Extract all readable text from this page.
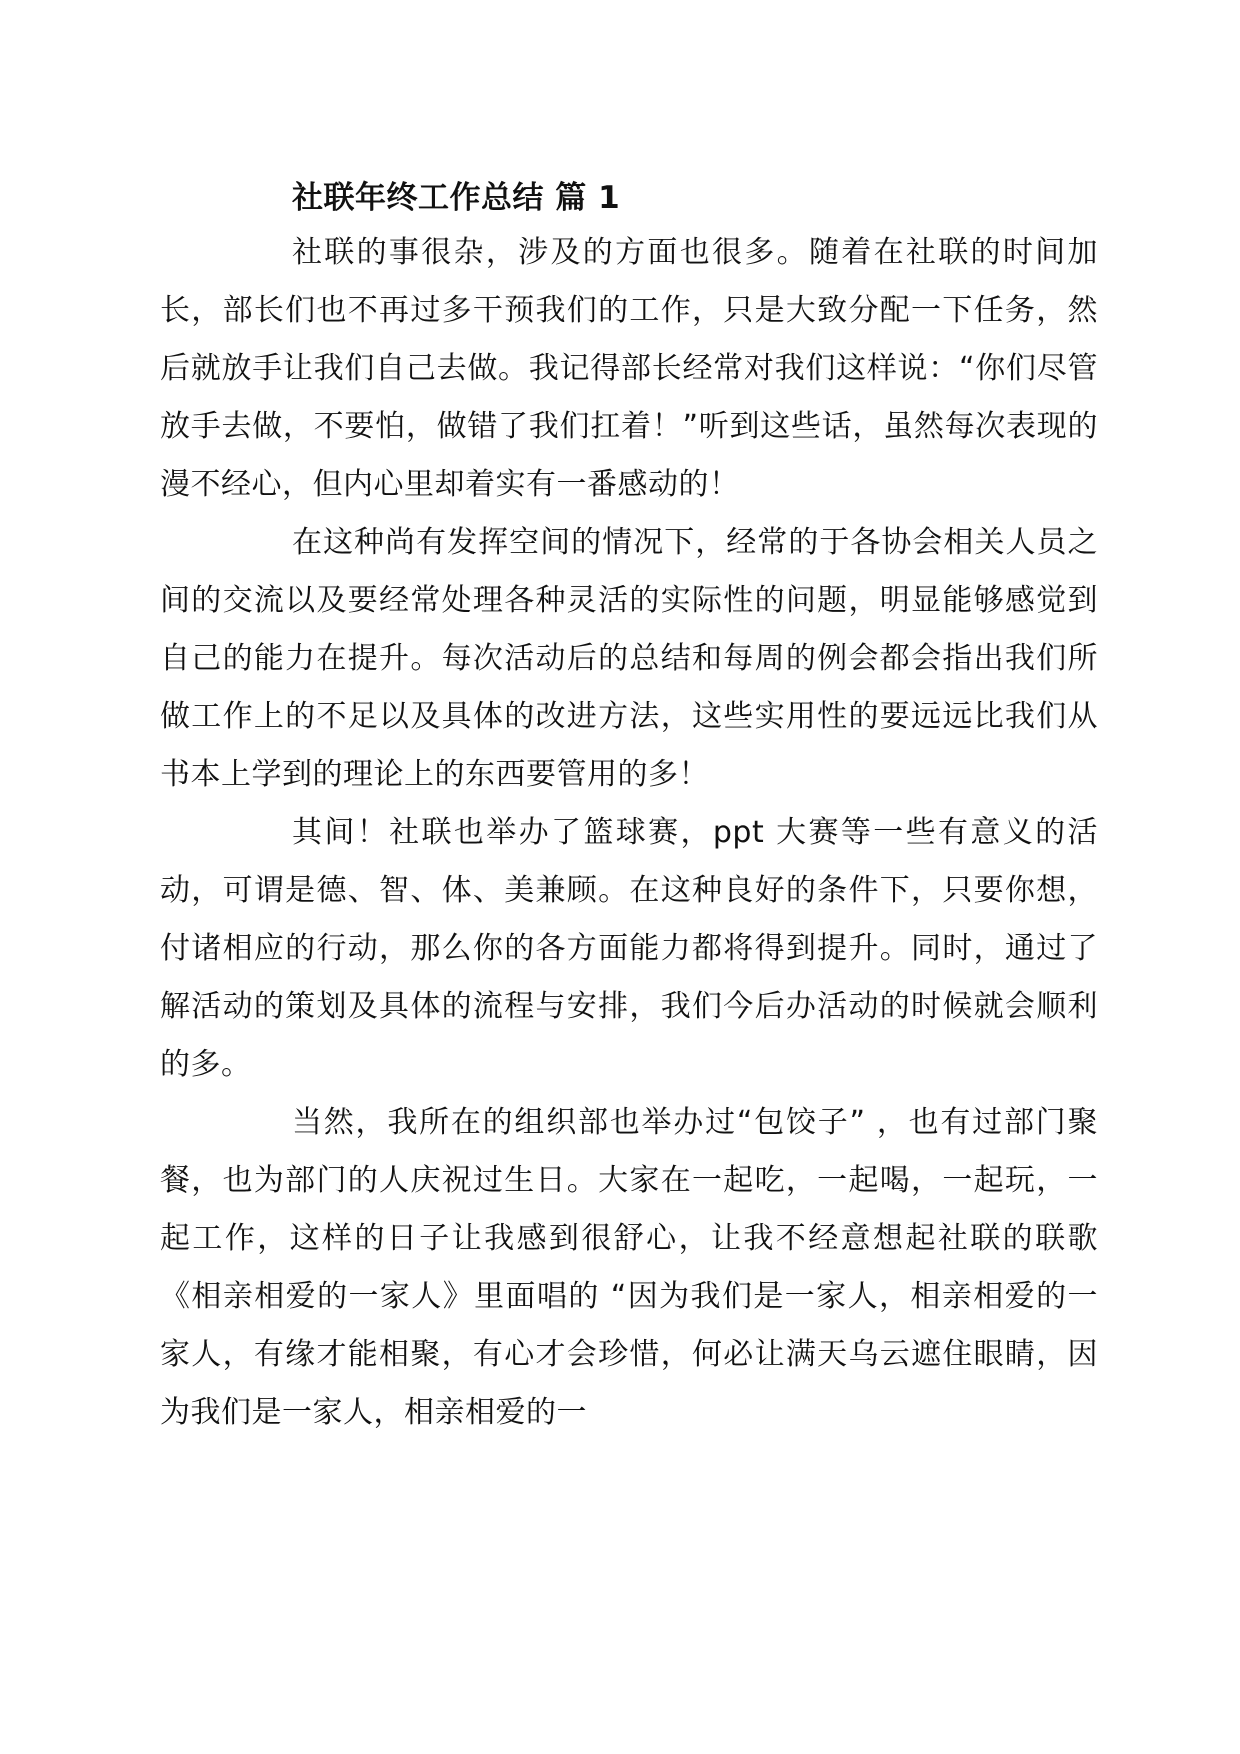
社联年终工作总结 篇 1

社联的事很杂，涉及的方面也很多。随着在社联的时间加长，部长们也不再过多干预我们的工作，只是大致分配一下任务，然后就放手让我们自己去做。我记得部长经常对我们这样说：“你们尽管放手去做，不要怕，做错了我们扛着！”听到这些话，虽然每次表现的漫不经心，但内心里却着实有一番感动的！

在这种尚有发挥空间的情况下，经常的于各协会相关人员之间的交流以及要经常处理各种灵活的实际性的问题，明显能够感觉到自己的能力在提升。每次活动后的总结和每周的例会都会指出我们所做工作上的不足以及具体的改进方法，这些实用性的要远远比我们从书本上学到的理论上的东西要管用的多！

其间！社联也举办了篮球赛，ppt 大赛等一些有意义的活动，可谓是德、智、体、美兼顾。在这种良好的条件下，只要你想，付诸相应的行动，那么你的各方面能力都将得到提升。同时，通过了解活动的策划及具体的流程与安排，我们今后办活动的时候就会顺利的多。

当然，我所在的组织部也举办过“包饺子” ，也有过部门聚餐，也为部门的人庆祝过生日。大家在一起吃，一起喝，一起玩，一起工作，这样的日子让我感到很舒心，让我不经意想起社联的联歌《相亲相爱的一家人》里面唱的 “因为我们是一家人，相亲相爱的一家人，有缘才能相聚，有心才会珍惜，何必让满天乌云遮住眼睛，因为我们是一家人，相亲相爱的一
